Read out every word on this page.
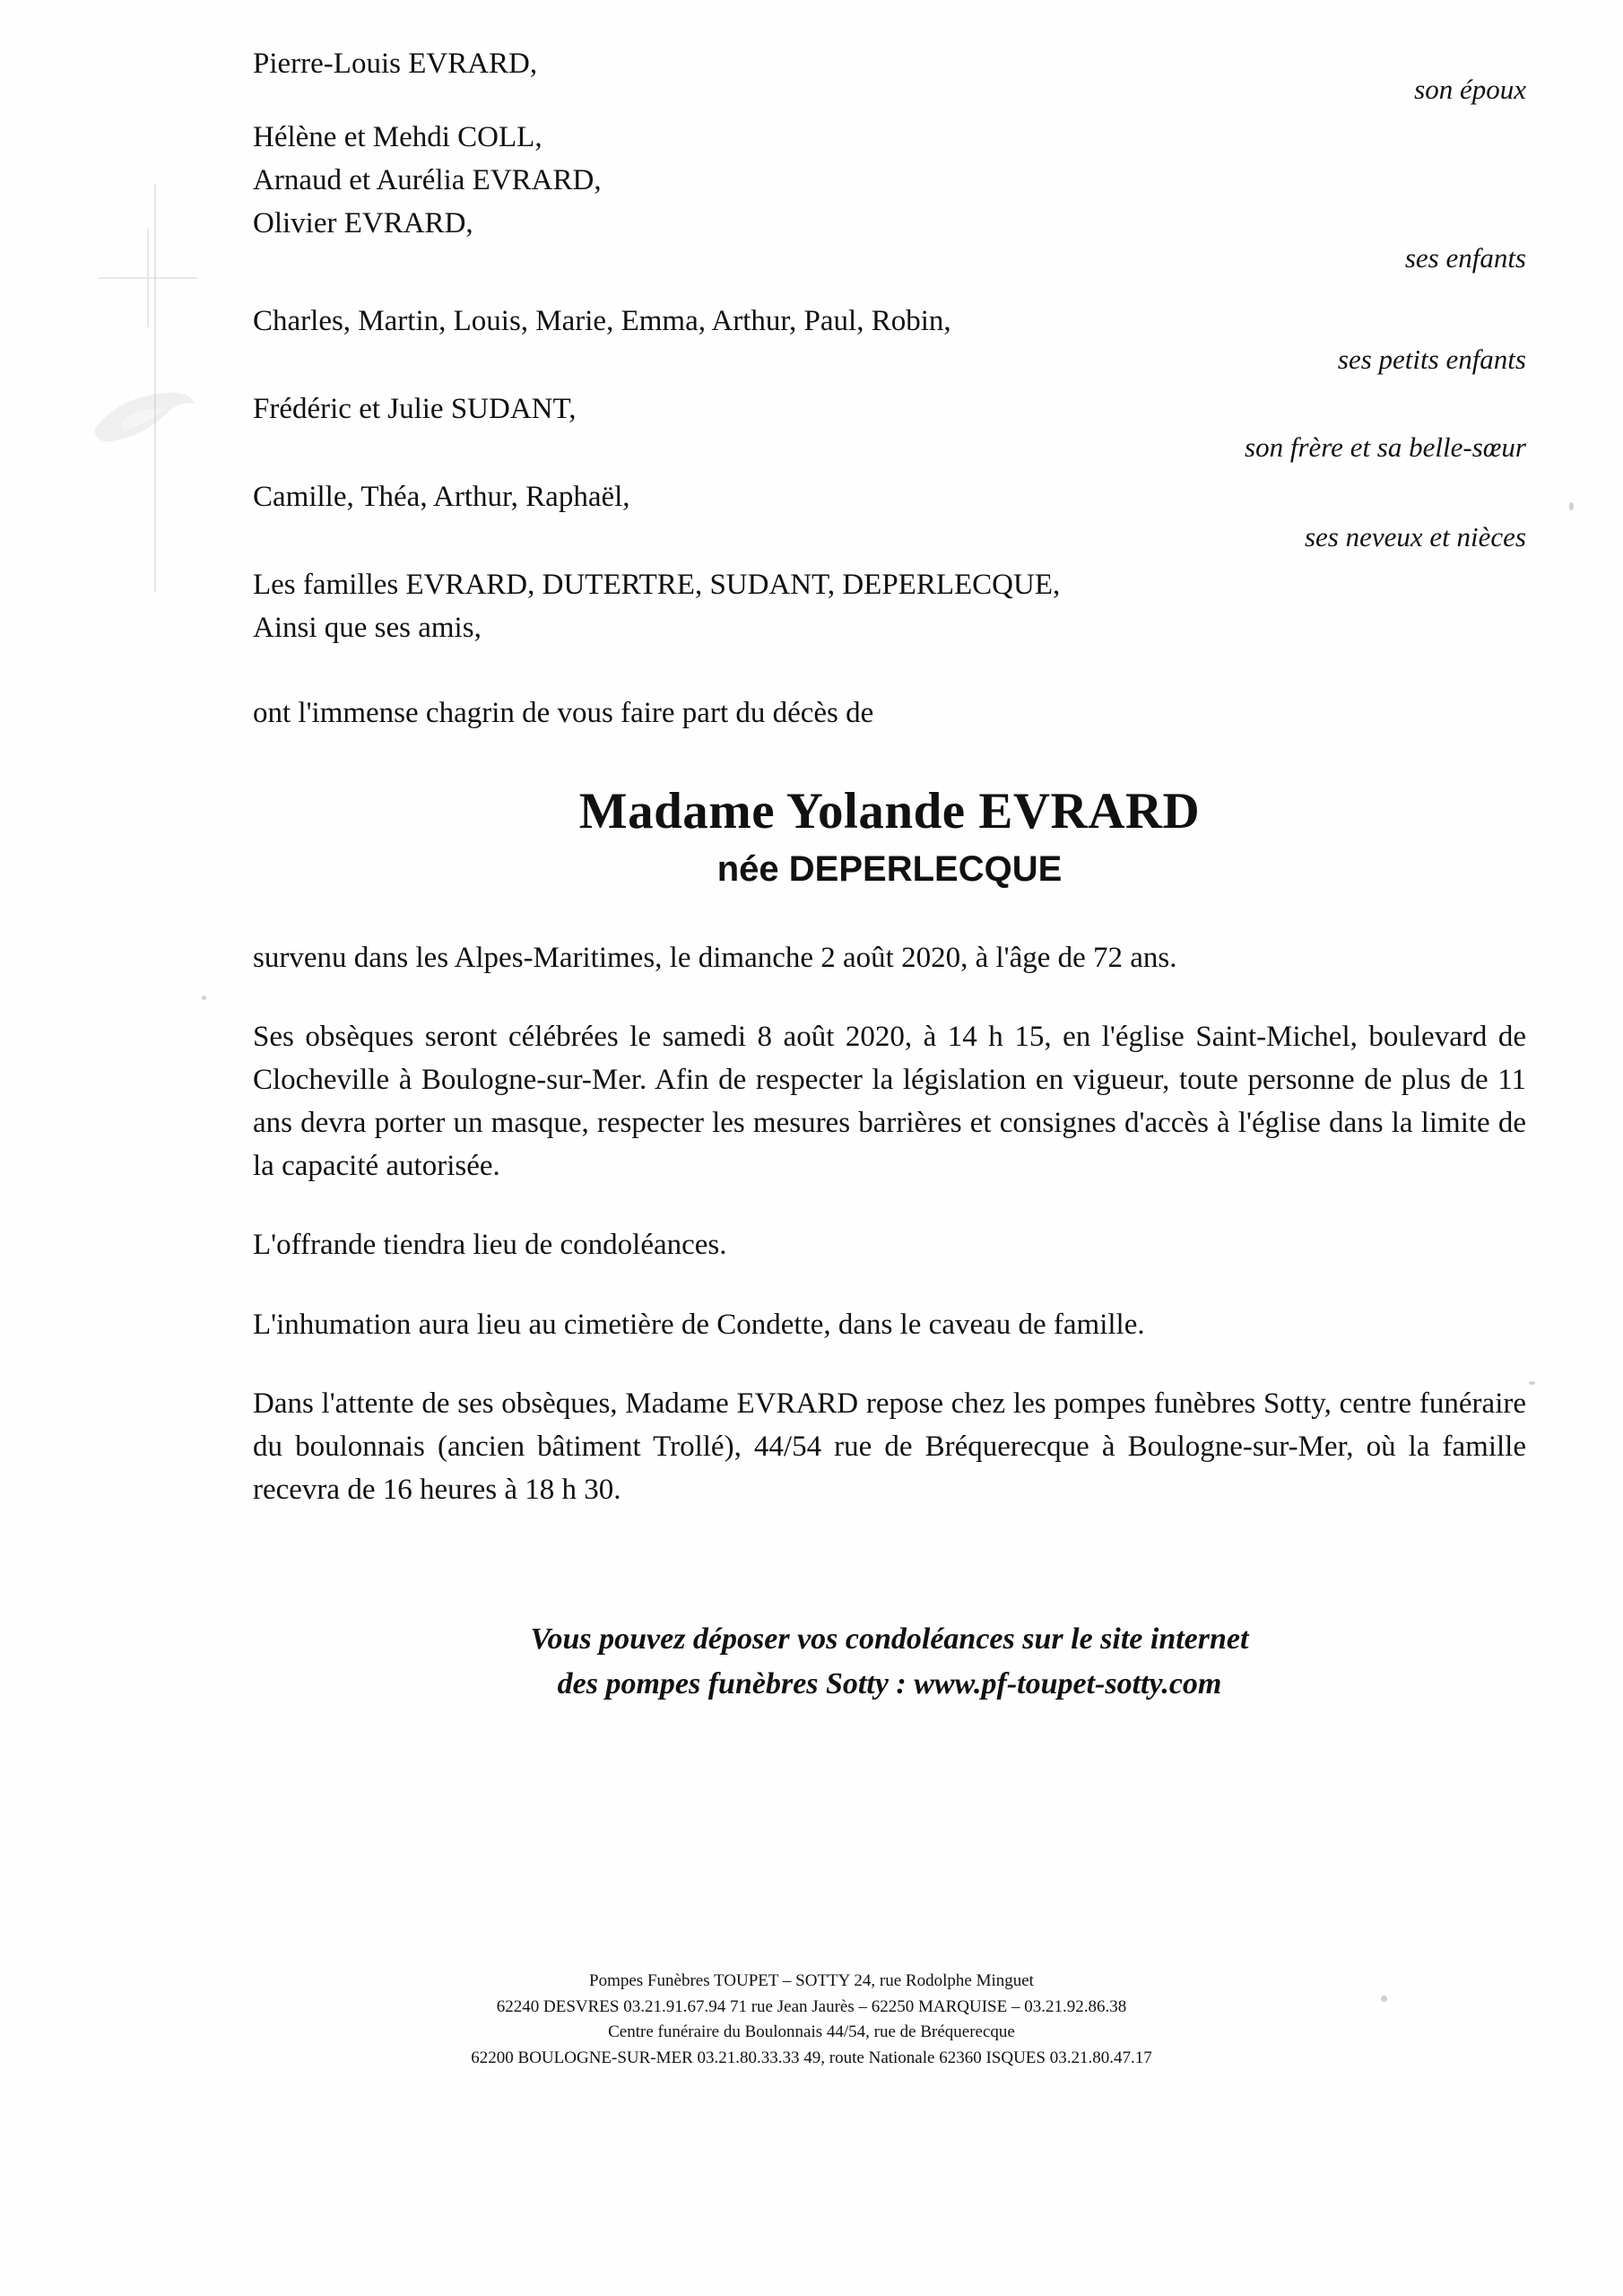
Pierre-Louis EVRARD,
son époux
Hélène et Mehdi COLL,
Arnaud et Aurélia EVRARD,
Olivier EVRARD,
ses enfants
Charles, Martin, Louis, Marie, Emma, Arthur, Paul, Robin,
ses petits enfants
Frédéric et Julie SUDANT,
son frère et sa belle-sœur
Camille, Théa, Arthur, Raphaël,
ses neveux et nièces
Les familles EVRARD, DUTERTRE, SUDANT, DEPERLECQUE,
Ainsi que ses amis,
ont l'immense chagrin de vous faire part du décès de
Madame Yolande EVRARD
née DEPERLECQUE
survenu dans les Alpes-Maritimes, le dimanche 2 août 2020, à l'âge de 72 ans.
Ses obsèques seront célébrées le samedi 8 août 2020, à 14 h 15, en l'église Saint-Michel, boulevard de Clocheville à Boulogne-sur-Mer. Afin de respecter la législation en vigueur, toute personne de plus de 11 ans devra porter un masque, respecter les mesures barrières et consignes d'accès à l'église dans la limite de la capacité autorisée.
L'offrande tiendra lieu de condoléances.
L'inhumation aura lieu au cimetière de Condette, dans le caveau de famille.
Dans l'attente de ses obsèques, Madame EVRARD repose chez les pompes funèbres Sotty, centre funéraire du boulonnais (ancien bâtiment Trollé), 44/54 rue de Bréquerecque à Boulogne-sur-Mer, où la famille recevra de 16 heures à 18 h 30.
Vous pouvez déposer vos condoléances sur le site internet
des pompes funèbres Sotty : www.pf-toupet-sotty.com
Pompes Funèbres TOUPET – SOTTY 24, rue Rodolphe Minguet
62240 DESVRES 03.21.91.67.94 71 rue Jean Jaurès – 62250 MARQUISE – 03.21.92.86.38
Centre funéraire du Boulonnais 44/54, rue de Bréquerecque
62200 BOULOGNE-SUR-MER 03.21.80.33.33 49, route Nationale 62360 ISQUES 03.21.80.47.17
